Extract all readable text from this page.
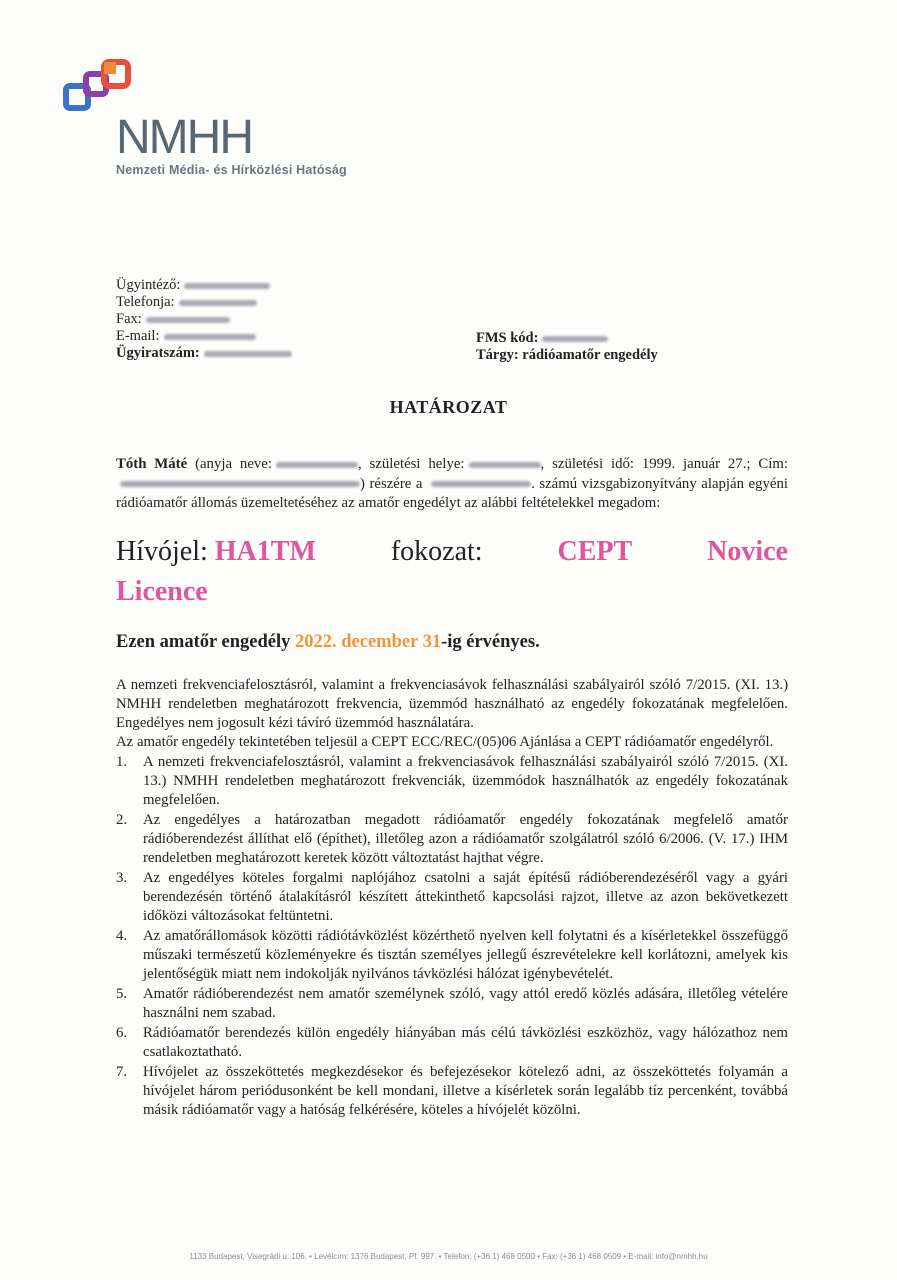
NMHH
Nemzeti Média- és Hírközlési Hatóság
Ügyintéző:
Telefonja:
Fax:
E-mail:
Ügyiratszám:
FMS kód:
Tárgy: rádióamatőr engedély
HATÁROZAT
Tóth Máté (anyja neve:	, születési helye:	, születési idő: 1999. január 27.; Cím: ) részére a	. számú vizsgabizonyítvány alapján egyéni rádióamatőr állomás üzemeltetéséhez az amatőr engedélyt az alábbi feltételekkel megadom:
Hívójel: HA1TM	fokozat:	CEPT	Novice
Licence
Ezen amatőr engedély 2022. december 31-ig érvényes.

A nemzeti frekvenciafelosztásról, valamint a frekvenciasávok felhasználási szabályairól szóló 7/2015. (XI. 13.) NMHH rendeletben meghatározott frekvencia, üzemmód használható az engedély fokozatának megfelelően. Engedélyes nem jogosult kézi távíró üzemmód használatára.

Az amatőr engedély tekintetében teljesül a CEPT ECC/REC/(05)06 Ajánlása a CEPT rádióamatőr engedélyről.

1. A nemzeti frekvenciafelosztásról, valamint a frekvenciasávok felhasználási szabályairól szóló 7/2015. (XI. 13.) NMHH rendeletben meghatározott frekvenciák, üzemmódok használhatók az engedély fokozatának megfelelően.
2. Az engedélyes a határozatban megadott rádióamatőr engedély fokozatának megfelelő amatőr rádióberendezést állíthat elő (építhet), illetőleg azon a rádióamatőr szolgálatról szóló 6/2006. (V. 17.) IHM rendeletben meghatározott keretek között változtatást hajthat végre.
3. Az engedélyes köteles forgalmi naplójához csatolni a saját építésű rádióberendezéséről vagy a gyári berendezésén történő átalakításról készített áttekinthető kapcsolási rajzot, illetve az azon bekövetkezett időközi változásokat feltüntetni.
4. Az amatőrállomások közötti rádiótávközlést közérthető nyelven kell folytatni és a kísérletekkel összefüggő műszaki természetű közleményekre és tisztán személyes jellegű észrevételekre kell korlátozni, amelyek kis jelentőségük miatt nem indokolják nyilvános távközlési hálózat igénybevételét.
5. Amatőr rádióberendezést nem amatőr személynek szóló, vagy attól eredő közlés adására, illetőleg vételére használni nem szabad.
6. Rádióamatőr berendezés külön engedély hiányában más célú távközlési eszközhöz, vagy hálózathoz nem csatlakoztatható.
7. Hívójelet az összeköttetés megkezdésekor és befejezésekor kötelező adni, az összeköttetés folyamán a hívójelet három periódusonként be kell mondani, illetve a kísérletek során legalább tíz percenként, továbbá másik rádióamatőr vagy a hatóság felkérésére, köteles a hívójelét közölni.
1133 Budapest, Visegrádi u. 106. • Levélcím: 1376 Budapest, Pf. 997. • Telefon: (+36 1) 468 0500 • Fax: (+36 1) 468 0509 • E-mail: info@nmhh.hu
